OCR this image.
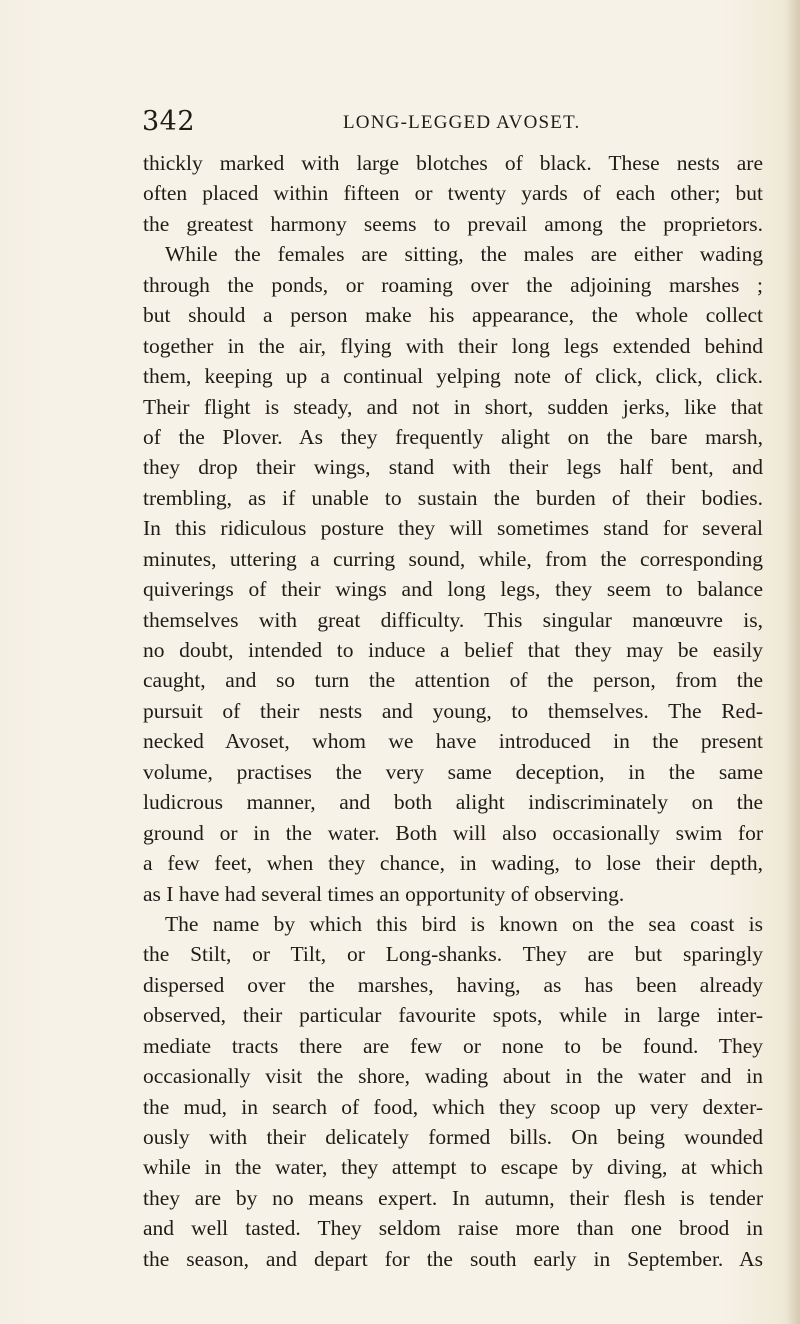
342	LONG-LEGGED AVOSET.
thickly marked with large blotches of black. These nests are
often placed within fifteen or twenty yards of each other; but
the greatest harmony seems to prevail among the proprietors.
While the females are sitting, the males are either wading
through the ponds, or roaming over the adjoining marshes ;
but should a person make his appearance, the whole collect
together in the air, flying with their long legs extended behind
them, keeping up a continual yelping note of click, click, click.
Their flight is steady, and not in short, sudden jerks, like that
of the Plover. As they frequently alight on the bare marsh,
they drop their wings, stand with their legs half bent, and
trembling, as if unable to sustain the burden of their bodies.
In this ridiculous posture they will sometimes stand for several
minutes, uttering a curring sound, while, from the corresponding
quiverings of their wings and long legs, they seem to balance
themselves with great difficulty. This singular manœuvre is,
no doubt, intended to induce a belief that they may be easily
caught, and so turn the attention of the person, from the
pursuit of their nests and young, to themselves. The Red-
necked Avoset, whom we have introduced in the present
volume, practises the very same deception, in the same
ludicrous manner, and both alight indiscriminately on the
ground or in the water. Both will also occasionally swim for
a few feet, when they chance, in wading, to lose their depth,
as I have had several times an opportunity of observing.
The name by which this bird is known on the sea coast is
the Stilt, or Tilt, or Long-shanks. They are but sparingly
dispersed over the marshes, having, as has been already
observed, their particular favourite spots, while in large inter-
mediate tracts there are few or none to be found. They
occasionally visit the shore, wading about in the water and in
the mud, in search of food, which they scoop up very dexter-
ously with their delicately formed bills. On being wounded
while in the water, they attempt to escape by diving, at which
they are by no means expert. In autumn, their flesh is tender
and well tasted. They seldom raise more than one brood in
the season, and depart for the south early in September. As
